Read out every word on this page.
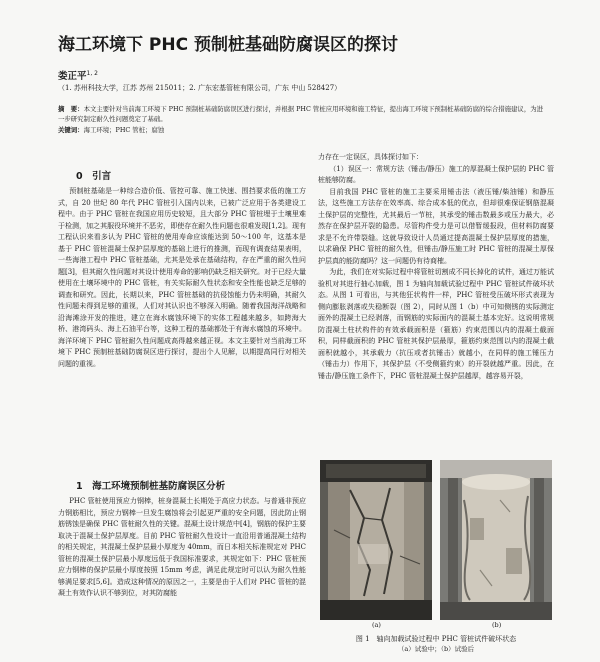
海工环境下 PHC 预制桩基础防腐误区的探讨
娄正平$^{1, 2}$
（1. 苏州科技大学，江苏 苏州 215011；2. 广东宏基管桩有限公司，广东 中山 528427）
摘　要：本文主要针对当前海工环境下 PHC 预制桩基础防腐误区进行探讨，并根据 PHC 管桩应用环境和施工特征，提出海工环境下预制桩基础防腐的综合措施建议，为进一步研究制定耐久性问题奠定了基础。
关键词：海工环境；PHC 管桩；腐蚀
0　引言

预制桩基础是一种综合造价低、管控可靠、施工快速、围挡要求低的施工方式，自 20 世纪 80 年代 PHC 管桩引入国内以来，已被广泛应用于各类建设工程中。由于 PHC 管桩在我国应用历史较短，且大部分 PHC 管桩埋于土壤里难于检测，加之其服役环境并不恶劣，即使存在耐久性问题也很难发现[1,2]。现有工程认识来看多认为 PHC 管桩的使用寿命应该能达到 50～100 年，这基本是基于 PHC 管桩混凝土保护层厚度的基础上进行的推测，而现有调查结果表明，一些海港工程中 PHC 管桩基础，尤其是处承在基础结构，存在严重的耐久性问题[3]，但其耐久性问题对其设计使用寿命的影响仍缺乏相关研究。对于已经大量使用在土壤环境中的 PHC 管桩，有关实际耐久性状态和安全性能也缺乏足够的调查和研究。因此，长期以来，PHC 管桩基础的抗侵蚀能力仍未明确，其耐久性问题未得到足够的重视，人们对其认识也不够深入明确。随着我国海洋战略和沿海滩涂开发的推进，建立在海水腐蚀环境下的实体工程越来越多，如跨海大桥、港湾码头、海上石油平台等，这种工程的基础都处于有海水腐蚀的环境中。海洋环境下 PHC 管桩耐久性问题成高得越来越正视。本文主要针对当前海工环境下 PHC 预制桩基础防腐误区进行探讨，提出个人见解，以期提高同行对相关问题的重视。

1　海工环境预制桩基防腐误区分析

PHC 管桩使用预应力钢棒，桩身混凝土长期处于高应力状态。与普通非预应力钢筋相比，预应力钢棒一旦发生腐蚀将会引起更严重的安全问题，因此防止钢筋锈蚀是确保 PHC 管桩耐久性的关键。混凝土设计规范中[4]，钢筋的保护主要取决于混凝土保护层厚度。目前 PHC 管桩耐久性设计一直沿用普通混凝土结构的相关规定，其混凝土保护层最小厚度为 40mm，而日本相关标准规定对 PHC 管桩的混凝土保护层最小厚度远低于我国标准要求，其规定如下：PHC 管桩预应力钢棒的保护层最小厚度按照 15mm 考虑，满足此规定时可以认为耐久性能够满足要求[5,6]。造成这种情况的原因之一，主要是由于人们对 PHC 管桩的混凝土有效作认识不够到位，对其防腐能

力存在一定误区，具体探讨如下：

（1）误区一：常规方法（锤击/静压）施工的厚混凝土保护层的 PHC 管桩能够防腐。

目前我国 PHC 管桩的施工主要采用锤击法（液压锤/柴油锤）和静压法，这些施工方法存在效率高、综合成本低的优点，但却很难保证钢筋混凝土保护层的完整性，尤其最后一节桩，其承受的锤击数最多或压力最大，必然存在保护层开裂的隐患。尽管构件受力是可以借暂缓报段，但材料防腐要求是不允许带裂缝。这就导致设计人员通过提高混凝土保护层厚度的措施，以求确保 PHC 管桩的耐久性，但锤击/静压施工时 PHC 管桩的混凝土厚保护层真的能防腐吗？这一问题仍有待商榷。

为此，我们在对实际过程中将管桩切割成不同长掉化的试件，通过万能试验机对其进行抽心加载，图 1 为轴向加载试验过程中 PHC 管桩试件破坏状态。从图 1 可看出，与其他狂状构件一样，PHC 管桩受压破坏形式表现为侧向膨胀剥落或失稳断裂（图 2），同时从图 1（b）中可知侧锈的实际测定面外的混凝土已经剥落，而钢筋的实际面内的混凝土基本完好。这说明常规防混凝土柱状构件的有效承载面积是（箍筋）约束范围以内的混凝土截面积，同样截面积的 PHC 管桩其保护层最厚，箍筋约束范围以内的混凝土截面积就越小，其承载力（抗压或者抗锤击）就越小，在同样的施工锤压力（锤击力）作用下，其保护层（不受侧箍约束）的开裂就越严重。因此，在锤击/静压施工条件下，PHC 管桩混凝土保护层越厚，越容易开裂，

(a)	(b)
图 1　轴向加载试验过程中 PHC 管桩试件破坏状态
（a）试验中；（b）试验后
